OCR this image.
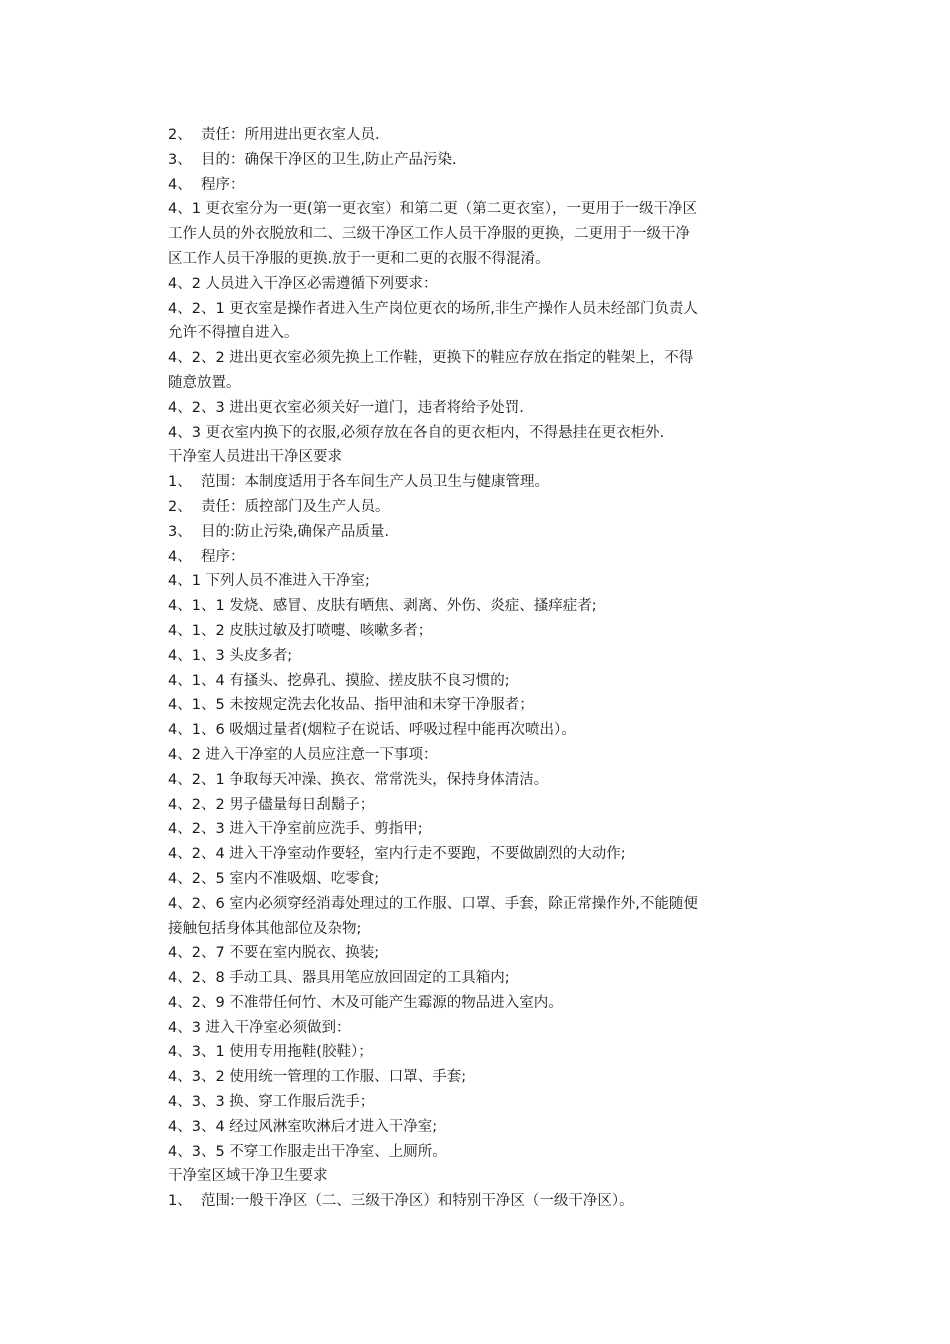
2、  责任：所用进出更衣室人员.
3、  目的：确保干净区的卫生,防止产品污染.
4、  程序：
4、1 更衣室分为一更(第一更衣室）和第二更（第二更衣室），一更用于一级干净区
工作人员的外衣脱放和二、三级干净区工作人员干净服的更换，二更用于一级干净
区工作人员干净服的更换.放于一更和二更的衣服不得混淆。
4、2 人员进入干净区必需遵循下列要求：
4、2、1 更衣室是操作者进入生产岗位更衣的场所,非生产操作人员未经部门负责人
允许不得擅自进入。
4、2、2 进出更衣室必须先换上工作鞋，更换下的鞋应存放在指定的鞋架上，不得
随意放置。
4、2、3 进出更衣室必须关好一道门，违者将给予处罚.
4、3 更衣室内换下的衣服,必须存放在各自的更衣柜内，不得悬挂在更衣柜外.
干净室人员进出干净区要求
1、  范围：本制度适用于各车间生产人员卫生与健康管理。
2、  责任：质控部门及生产人员。
3、  目的:防止污染,确保产品质量.
4、  程序：
4、1 下列人员不准进入干净室;
4、1、1 发烧、感冒、皮肤有晒焦、剥离、外伤、炎症、搔痒症者;
4、1、2 皮肤过敏及打喷嚏、咳嗽多者；
4、1、3 头皮多者;
4、1、4 有搔头、挖鼻孔、摸脸、搓皮肤不良习惯的;
4、1、5 未按规定洗去化妆品、指甲油和未穿干净服者；
4、1、6 吸烟过量者(烟粒子在说话、呼吸过程中能再次喷出）。
4、2 进入干净室的人员应注意一下事项：
4、2、1 争取每天冲澡、换衣、常常洗头，保持身体清洁。
4、2、2 男子儘量每日刮鬍子；
4、2、3 进入干净室前应洗手、剪指甲;
4、2、4 进入干净室动作要轻，室内行走不要跑，不要做剧烈的大动作;
4、2、5 室内不准吸烟、吃零食;
4、2、6 室内必须穿经消毒处理过的工作服、口罩、手套，除正常操作外,不能随便
接触包括身体其他部位及杂物;
4、2、7 不要在室内脱衣、换装;
4、2、8 手动工具、器具用笔应放回固定的工具箱内;
4、2、9 不准带任何竹、木及可能产生霉源的物品进入室内。
4、3 进入干净室必须做到：
4、3、1 使用专用拖鞋(胶鞋）；
4、3、2 使用统一管理的工作服、口罩、手套;
4、3、3 换、穿工作服后洗手；
4、3、4 经过风淋室吹淋后才进入干净室;
4、3、5 不穿工作服走出干净室、上厕所。
干净室区域干净卫生要求
1、  范围:一般干净区（二、三级干净区）和特别干净区（一级干净区）。
